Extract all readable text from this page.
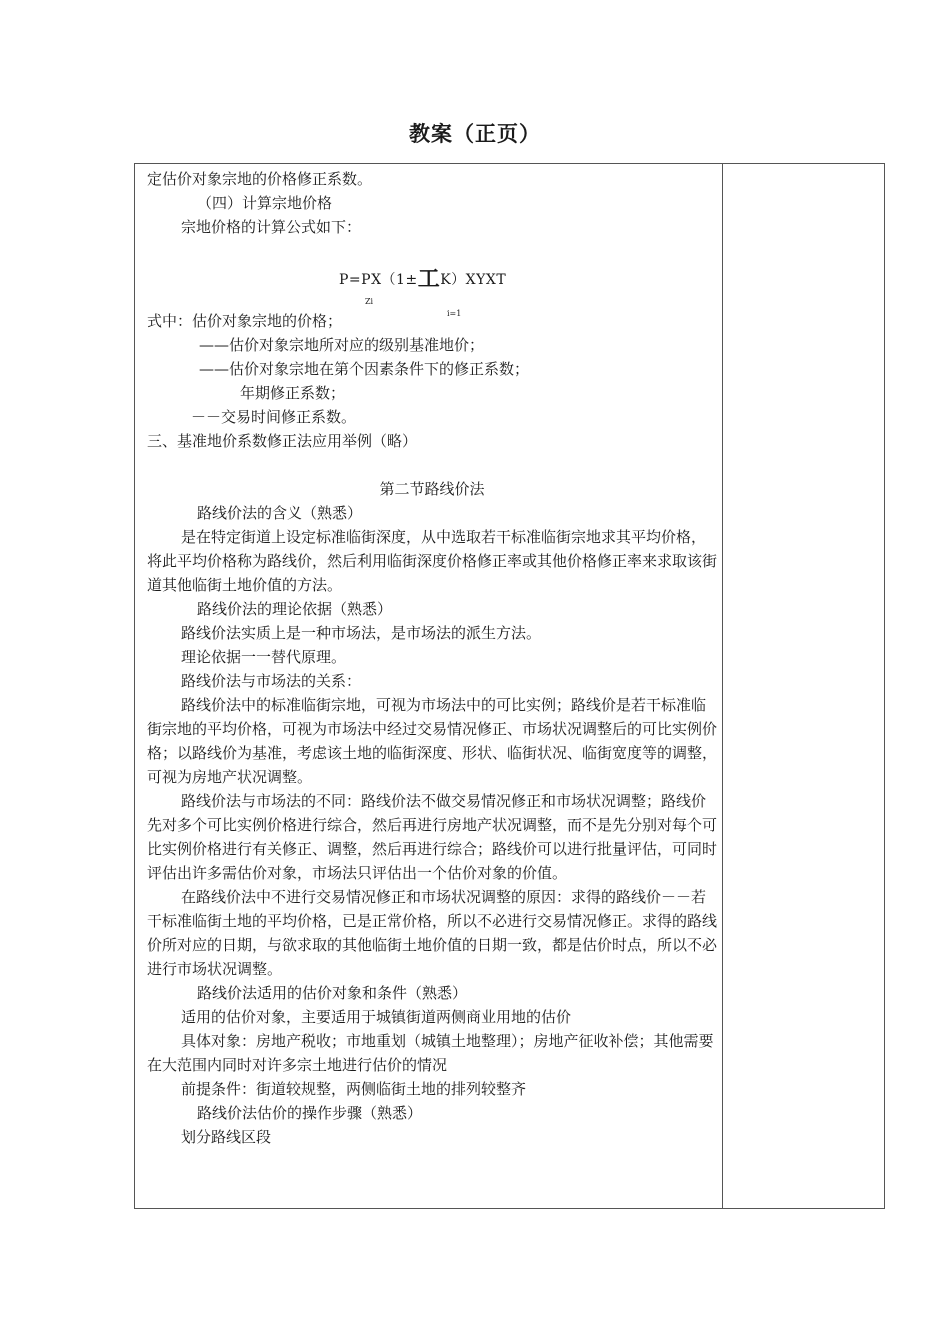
教案（正页）

定估价对象宗地的价格修正系数。

（四）计算宗地价格

宗地价格的计算公式如下：

P=PX（1±工K）XYXT
Zi
i=1

式中：估价对象宗地的价格；

——估价对象宗地所对应的级别基准地价；

——估价对象宗地在第个因素条件下的修正系数；

年期修正系数；

－－交易时间修正系数。

三、基准地价系数修正法应用举例（略）

第二节路线价法

路线价法的含义（熟悉）

是在特定街道上设定标准临街深度，从中选取若干标准临街宗地求其平均价格，将此平均价格称为路线价，然后利用临街深度价格修正率或其他价格修正率来求取该街道其他临街土地价值的方法。

路线价法的理论依据（熟悉）

路线价法实质上是一种市场法，是市场法的派生方法。

理论依据一一替代原理。

路线价法与市场法的关系：

路线价法中的标准临街宗地，可视为市场法中的可比实例；路线价是若干标准临街宗地的平均价格，可视为市场法中经过交易情况修正、市场状况调整后的可比实例价格；以路线价为基准，考虑该土地的临街深度、形状、临街状况、临街宽度等的调整，可视为房地产状况调整。

路线价法与市场法的不同：路线价法不做交易情况修正和市场状况调整；路线价先对多个可比实例价格进行综合，然后再进行房地产状况调整，而不是先分别对每个可比实例价格进行有关修正、调整，然后再进行综合；路线价可以进行批量评估，可同时评估出许多需估价对象，市场法只评估出一个估价对象的价值。

在路线价法中不进行交易情况修正和市场状况调整的原因：求得的路线价－－若干标准临街土地的平均价格，已是正常价格，所以不必进行交易情况修正。求得的路线价所对应的日期，与欲求取的其他临街土地价值的日期一致，都是估价时点，所以不必进行市场状况调整。

路线价法适用的估价对象和条件（熟悉）

适用的估价对象，主要适用于城镇街道两侧商业用地的估价

具体对象：房地产税收；市地重划（城镇土地整理）；房地产征收补偿；其他需要在大范围内同时对许多宗土地进行估价的情况

前提条件：街道较规整，两侧临街土地的排列较整齐

路线价法估价的操作步骤（熟悉）

划分路线区段
